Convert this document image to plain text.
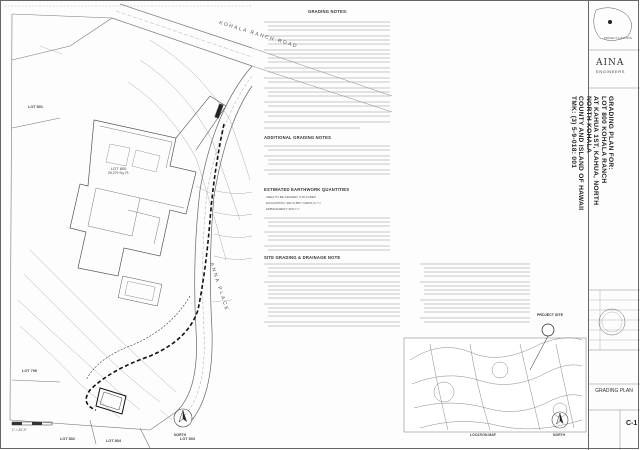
KOHALA RANCH ROAD
ANNA PLACE
LOT 800
26,279 Sq. Ft.
LOT 801
LOT 799
LOT 804	LOT 803
LOT 802
1" = 20'-0"
NORTH	NORTH
LOCATION MAP
PROJECT SITE
PROJECT LOCATION
GRADING NOTES:
ADDITIONAL GRADING NOTES
ESTIMATED EARTHWORK QUANTITIES
AREA TO BE GRADED: 0.36 ACRES
EXCAVATION: 390 CUBIC YARDS (C.Y.)
EMBANKMENT: 390 C.Y.
SITE GRADING & DRAINAGE NOTE
AINA
ENGINEERS
GRADING PLAN FOR:
LOT 800 KOHALA RANCH
AT KAHUA 1ST, KAHUA, NORTH
NORTH KOHALA
COUNTY AND ISLAND OF HAWAII
TMK: (3) 5-9-018: 001
GRADING PLAN
C-1
